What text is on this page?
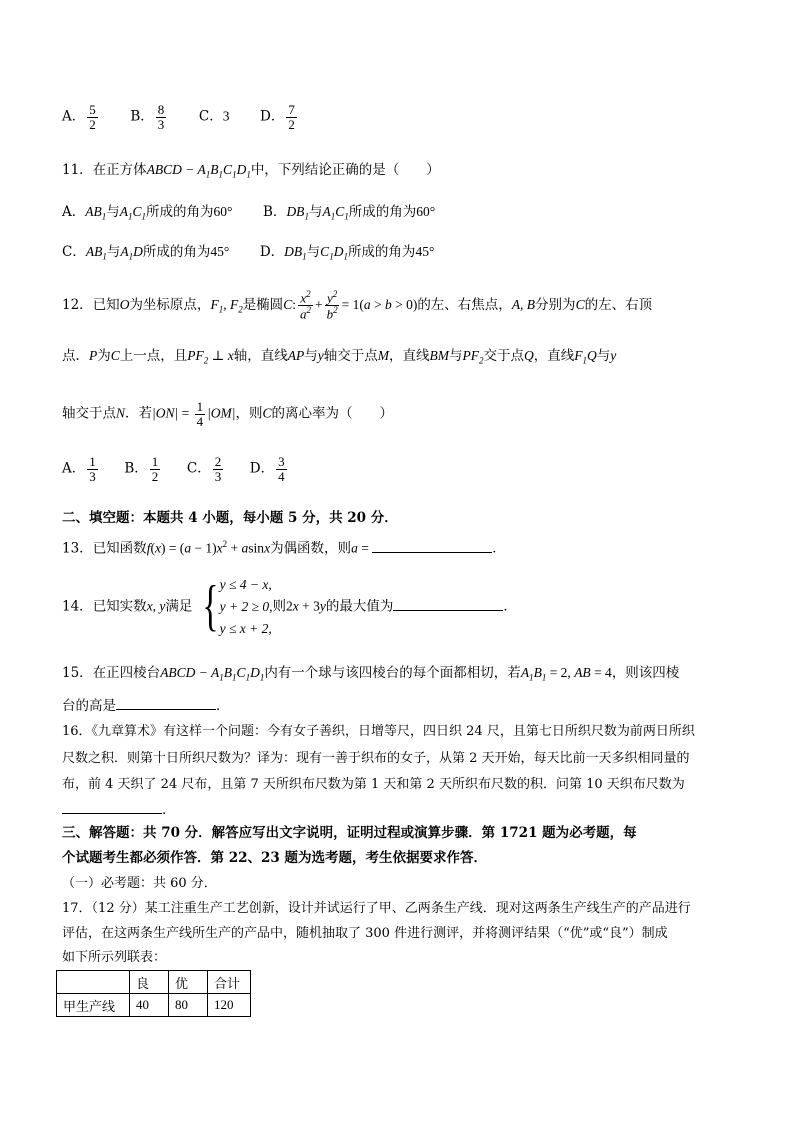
A． $\frac{5}{2}$ B． $\frac{8}{3}$ C．3 D． $\frac{7}{2}$
11．在正方体ABCD − $A_1B_1C_1D_1$中，下列结论正确的是（　　）
A．$AB_1$与$A_1C_1$所成的角为60° B．$DB_1$与$A_1C_1$所成的角为60°
C．$AB_1$与$A_1D$所成的角为45° D．$DB_1$与$C_1D_1$所成的角为45°
12．已知O为坐标原点，$F_1$, $F_2$是椭圆C: $\frac{x^2}{a^2} + \frac{y^2}{b^2} = 1(a > b > 0)$的左、右焦点，A, B分别为C的左、右顶
点．P为C上一点，且$PF_2$ ⊥ x轴，直线AP与y轴交于点M，直线BM与$PF_2$交于点Q，直线$F_1Q$与y
轴交于点N．若$|ON| = \frac{1}{4} |OM|$，则C的离心率为（　　）
A． $\frac{1}{3}$ B． $\frac{1}{2}$ C． $\frac{2}{3}$ D． $\frac{3}{4}$
二、填空题：本题共 4 小题，每小题 5 分，共 20 分．
13．已知函数$f(x) = (a - 1)x^2 + asinx$为偶函数，则a =	．
14．已知实数x, y满足 { y ≤ 4 − x,
y + 2 ≥ 0,
y ≤ x + 2,
则2x + 3y的最大值为	．
15．在正四棱台ABCD − $A_1B_1C_1D_1$内有一个球与该四棱台的每个面都相切，若$A_1B_1 = 2$, AB = 4，则该四棱
台的高是	．
16．《九章算术》有这样一个问题：今有女子善织，日增等尺，四日织 24 尺，且第七日所织尺数为前两日所织
尺数之积．则第十日所织尺数为？译为：现有一善于织布的女子，从第 2 天开始，每天比前一天多织相同量的
布，前 4 天织了 24 尺布，且第 7 天所织布尺数为第 1 天和第 2 天所织布尺数的积．问第 10 天织布尺数为
．
三、解答题：共 70 分．解答应写出文字说明，证明过程或演算步骤．第 1721 题为必考题，每
个试题考生都必须作答．第 22、23 题为选考题，考生依据要求作答．
（一）必考题：共 60 分．
17．（12 分）某工注重生产工艺创新，设计并试运行了甲、乙两条生产线．现对这两条生产线生产的产品进行
评估，在这两条生产线所生产的产品中，随机抽取了 300 件进行测评，并将测评结果（“优”或“良”）制成
如下所示列联表：
	良	优	合计
甲生产线	40	80	120
